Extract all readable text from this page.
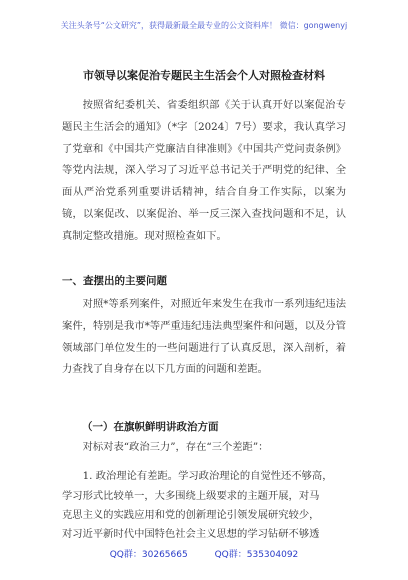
关注头条号“公文研究”，获得最新最全最专业的公文资料库！ 微信：gongwenyj
市领导以案促治专题民主生活会个人对照检查材料
按照省纪委机关、省委组织部《关于认真开好以案促治专题民主生活会的通知》（*字〔2024〕7号）要求，我认真学习了党章和《中国共产党廉洁自律准则》《中国共产党问责条例》等党内法规，深入学习了习近平总书记关于严明党的纪律、全面从严治党系列重要讲话精神，结合自身工作实际，以案为镜，以案促改、以案促治、举一反三深入查找问题和不足，认真制定整改措施。现对照检查如下。
一、查摆出的主要问题
对照*等系列案件，对照近年来发生在我市一系列违纪违法案件，特别是我市*等严重违纪违法典型案件和问题，以及分管领域部门单位发生的一些问题进行了认真反思，深入剖析，着力查找了自身存在以下几方面的问题和差距。
（一）在旗帜鲜明讲政治方面
对标对表“政治三力”，存在“三个差距”：
1. 政治理论有差距。学习政治理论的自觉性还不够高，
学习形式比较单一，大多围绕上级要求的主题开展，对马
克思主义的实践应用和党的创新理论引领发展研究较少，
对习近平新时代中国特色社会主义思想的学习钻研不够透
QQ群：30265665	QQ群：535304092
